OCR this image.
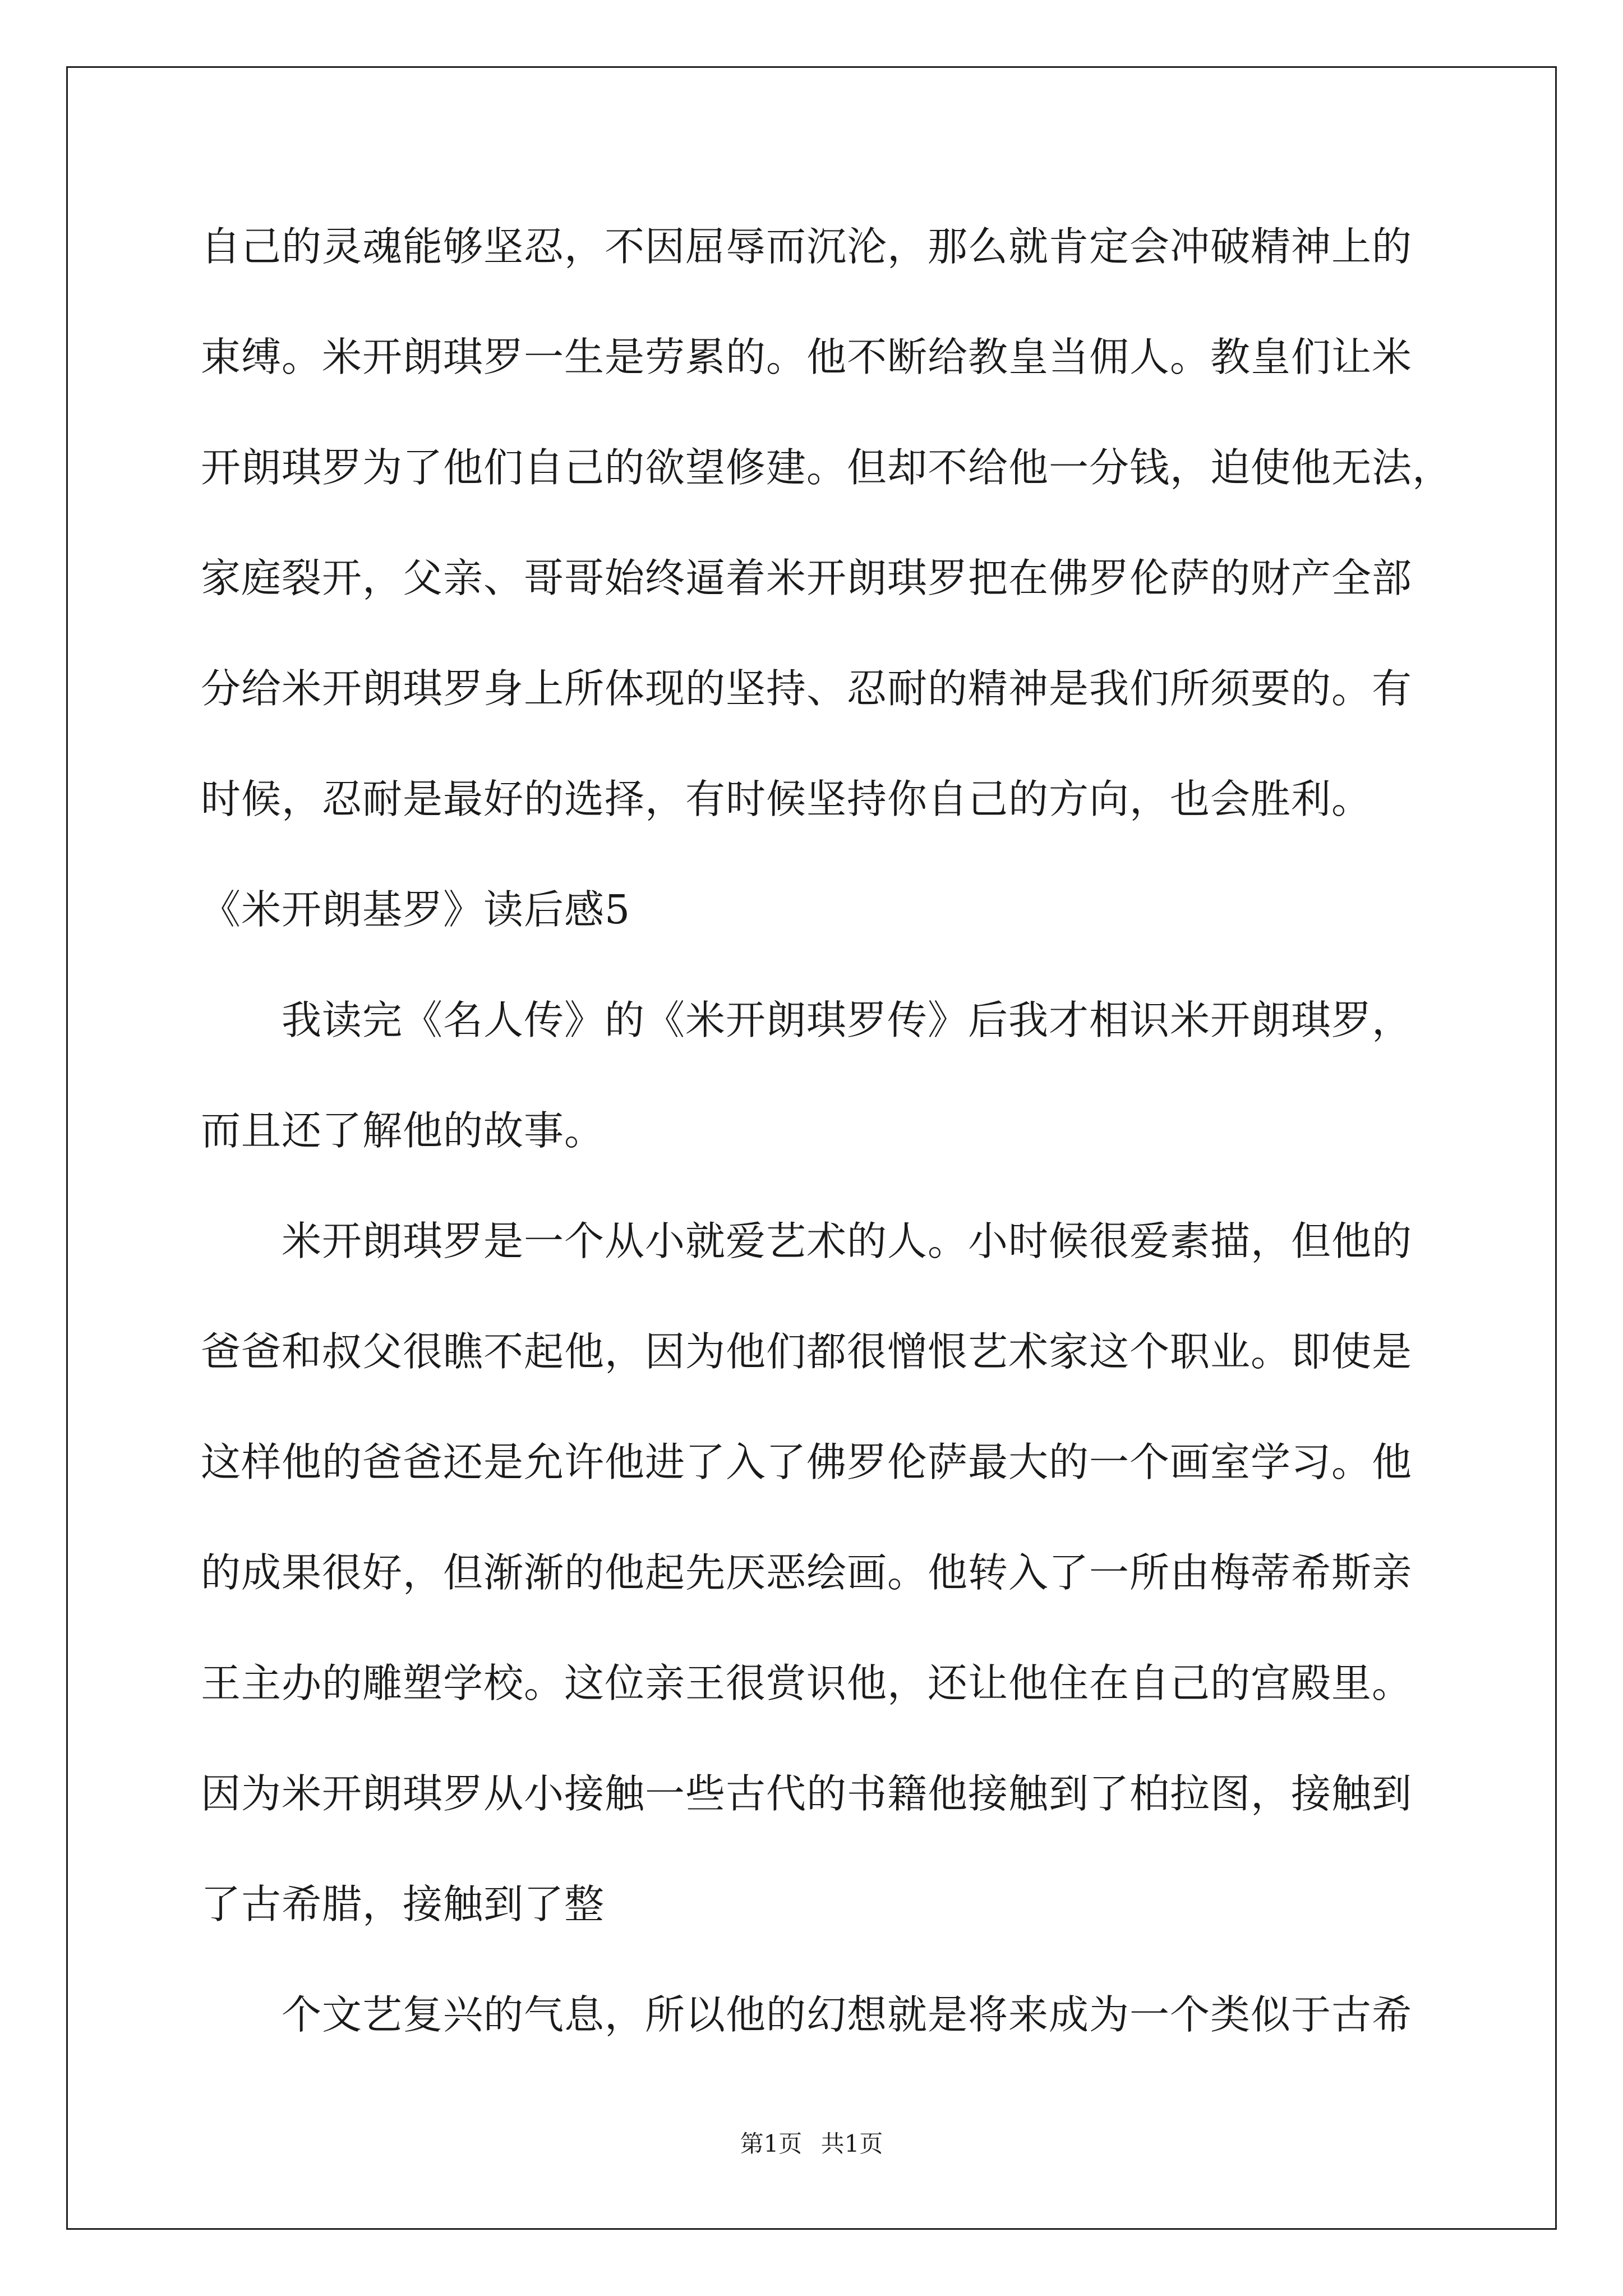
自己的灵魂能够坚忍，不因屈辱而沉沦，那么就肯定会冲破精神上的
束缚。米开朗琪罗一生是劳累的。他不断给教皇当佣人。教皇们让米
开朗琪罗为了他们自己的欲望修建。但却不给他一分钱，迫使他无法，
家庭裂开，父亲、哥哥始终逼着米开朗琪罗把在佛罗伦萨的财产全部
分给米开朗琪罗身上所体现的坚持、忍耐的精神是我们所须要的。有
时候，忍耐是最好的选择，有时候坚持你自己的方向，也会胜利。
《米开朗基罗》读后感5
　　我读完《名人传》的《米开朗琪罗传》后我才相识米开朗琪罗，
而且还了解他的故事。
　　米开朗琪罗是一个从小就爱艺术的人。小时候很爱素描，但他的
爸爸和叔父很瞧不起他，因为他们都很憎恨艺术家这个职业。即使是
这样他的爸爸还是允许他进了入了佛罗伦萨最大的一个画室学习。他
的成果很好，但渐渐的他起先厌恶绘画。他转入了一所由梅蒂希斯亲
王主办的雕塑学校。这位亲王很赏识他，还让他住在自己的宫殿里。
因为米开朗琪罗从小接触一些古代的书籍他接触到了柏拉图，接触到
了古希腊，接触到了整
　　个文艺复兴的气息，所以他的幻想就是将来成为一个类似于古希
第1页 共1页
